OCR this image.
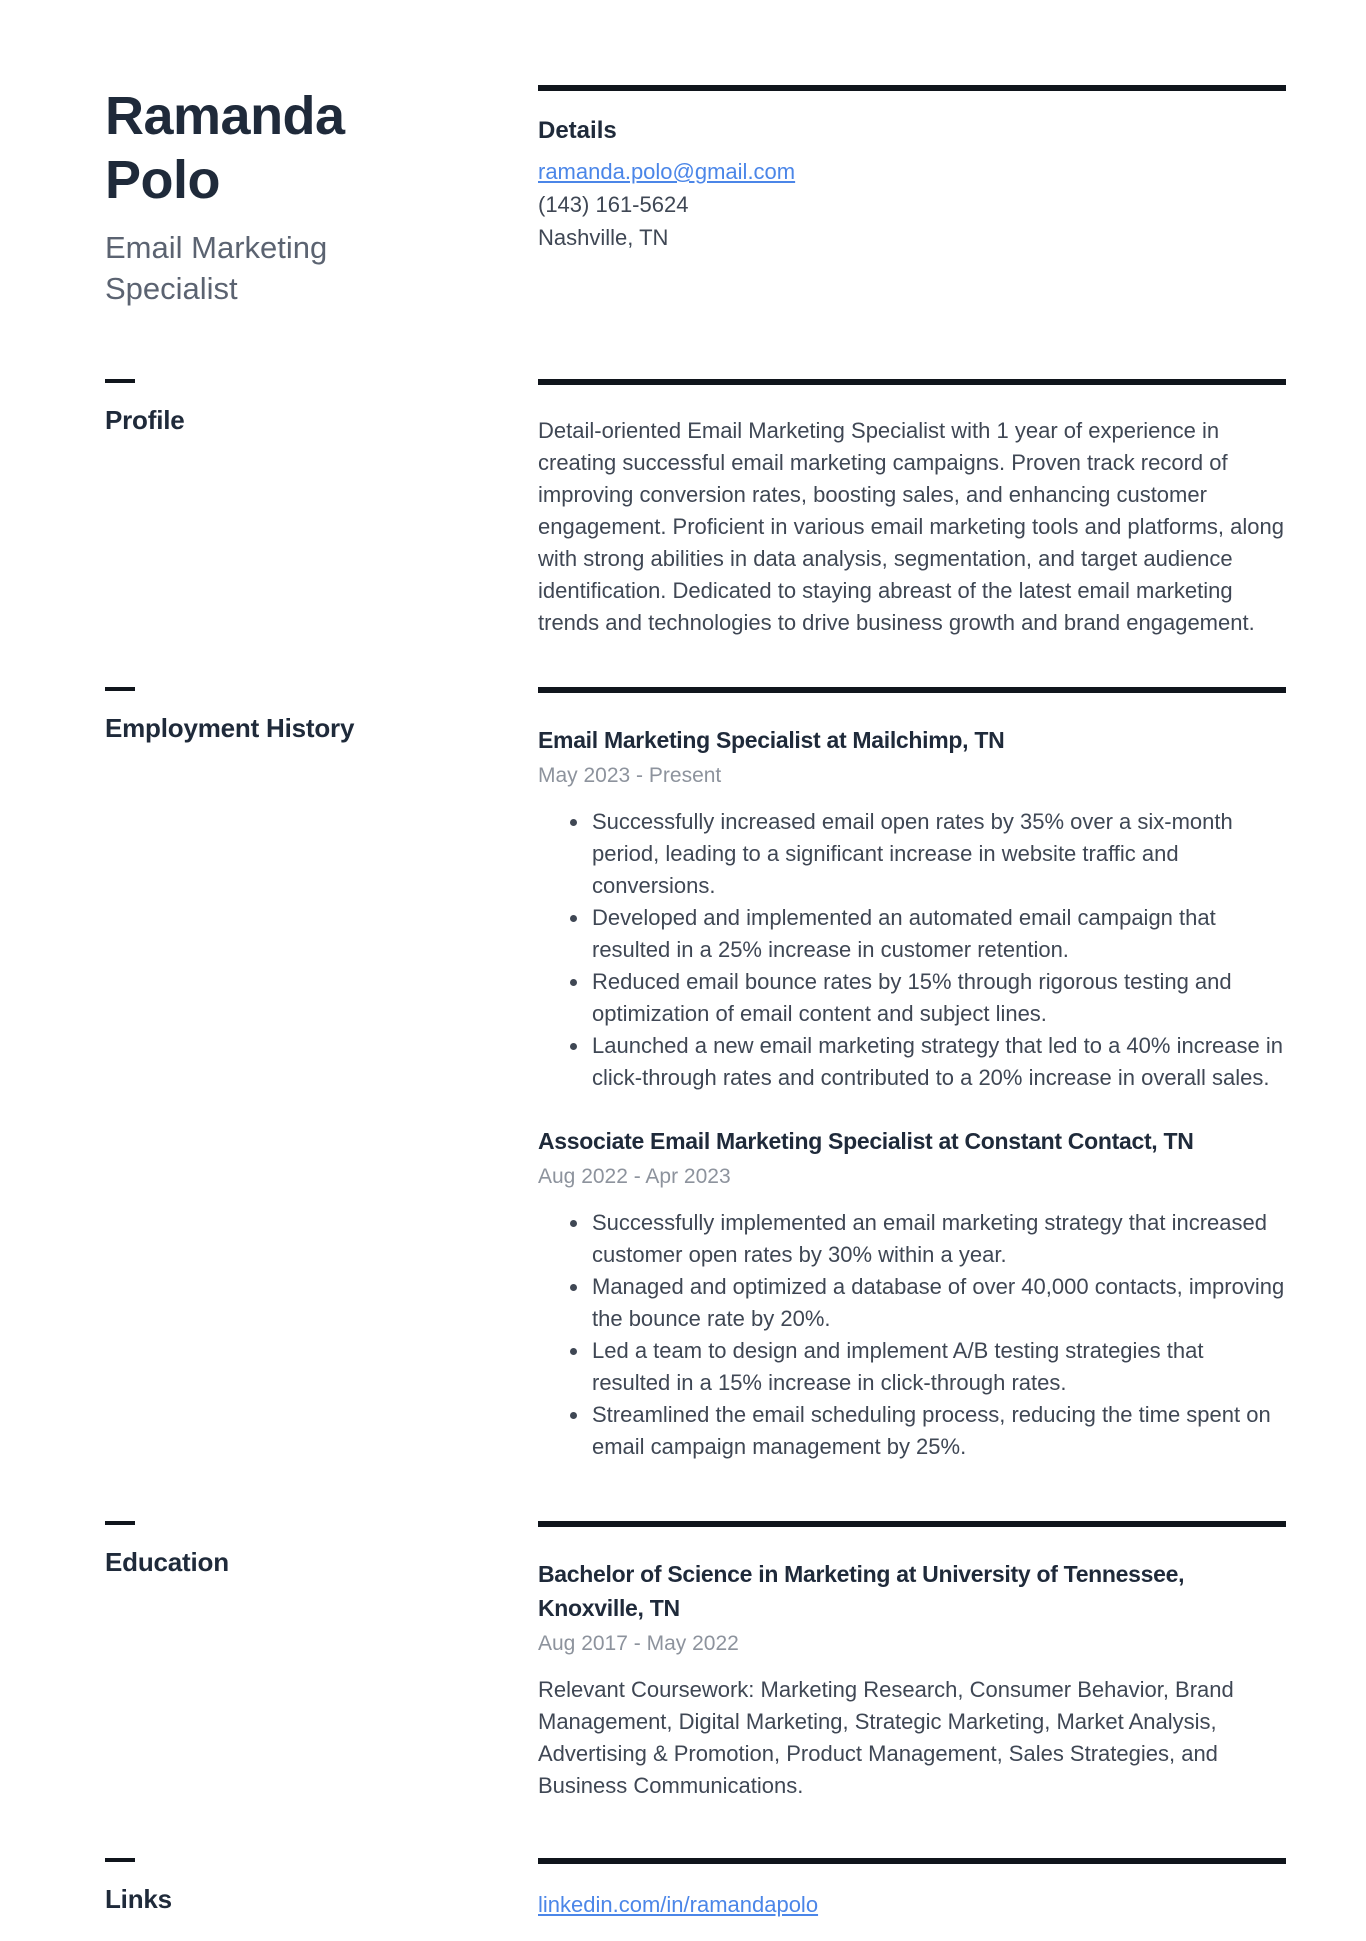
Ramanda Polo
Email Marketing Specialist
Details
ramanda.polo@gmail.com
(143) 161-5624
Nashville, TN
Profile	Detail-oriented Email Marketing Specialist with 1 year of experience in creating successful email marketing campaigns. Proven track record of improving conversion rates, boosting sales, and enhancing customer engagement. Proficient in various email marketing tools and platforms, along with strong abilities in data analysis, segmentation, and target audience identification. Dedicated to staying abreast of the latest email marketing trends and technologies to drive business growth and brand engagement.

Employment History	Email Marketing Specialist at Mailchimp, TN
May 2023 - Present
• Successfully increased email open rates by 35% over a six-month period, leading to a significant increase in website traffic and conversions.
• Developed and implemented an automated email campaign that resulted in a 25% increase in customer retention.
• Reduced email bounce rates by 15% through rigorous testing and optimization of email content and subject lines.
• Launched a new email marketing strategy that led to a 40% increase in click-through rates and contributed to a 20% increase in overall sales.
Associate Email Marketing Specialist at Constant Contact, TN
Aug 2022 - Apr 2023
• Successfully implemented an email marketing strategy that increased customer open rates by 30% within a year.
• Managed and optimized a database of over 40,000 contacts, improving the bounce rate by 20%.
• Led a team to design and implement A/B testing strategies that resulted in a 15% increase in click-through rates.
• Streamlined the email scheduling process, reducing the time spent on email campaign management by 25%.
Education	Bachelor of Science in Marketing at University of Tennessee, Knoxville, TN
Aug 2017 - May 2022

Relevant Coursework: Marketing Research, Consumer Behavior, Brand Management, Digital Marketing, Strategic Marketing, Market Analysis, Advertising & Promotion, Product Management, Sales Strategies, and Business Communications.

Links	linkedin.com/in/ramandapolo
